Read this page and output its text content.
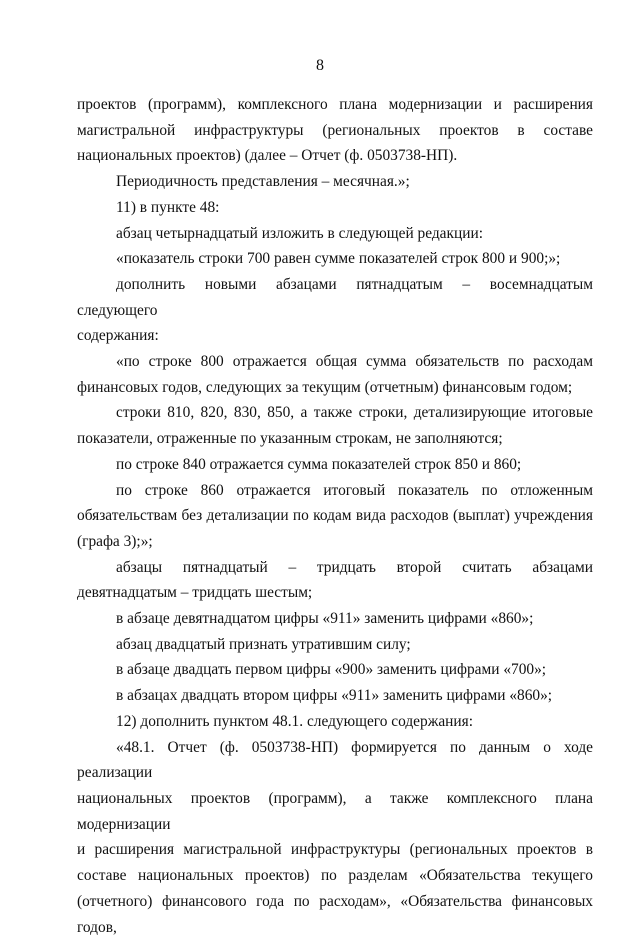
8
проектов (программ), комплексного плана модернизации и расширения
магистральной инфраструктуры (региональных проектов в составе
национальных проектов) (далее – Отчет (ф. 0503738-НП).
Периодичность представления – месячная.»;
11) в пункте 48:
абзац четырнадцатый изложить в следующей редакции:
«показатель строки 700 равен сумме показателей строк 800 и 900;»;
дополнить новыми абзацами пятнадцатым – восемнадцатым следующего
содержания:
«по строке 800 отражается общая сумма обязательств по расходам
финансовых годов, следующих за текущим (отчетным) финансовым годом;
строки 810, 820, 830, 850, а также строки, детализирующие итоговые
показатели, отраженные по указанным строкам, не заполняются;
по строке 840 отражается сумма показателей строк 850 и 860;
по строке 860 отражается итоговый показатель по отложенным
обязательствам без детализации по кодам вида расходов (выплат) учреждения
(графа 3);»;
абзацы пятнадцатый – тридцать второй считать абзацами
девятнадцатым – тридцать шестым;
в абзаце девятнадцатом цифры «911» заменить цифрами «860»;
абзац двадцатый признать утратившим силу;
в абзаце двадцать первом цифры «900» заменить цифрами «700»;
в абзацах двадцать втором цифры «911» заменить цифрами «860»;
12) дополнить пунктом 48.1. следующего содержания:
«48.1. Отчет (ф. 0503738-НП) формируется по данным о ходе реализации
национальных проектов (программ), а также комплексного плана модернизации
и расширения магистральной инфраструктуры (региональных проектов в
составе национальных проектов) по разделам «Обязательства текущего
(отчетного) финансового года по расходам», «Обязательства финансовых годов,
